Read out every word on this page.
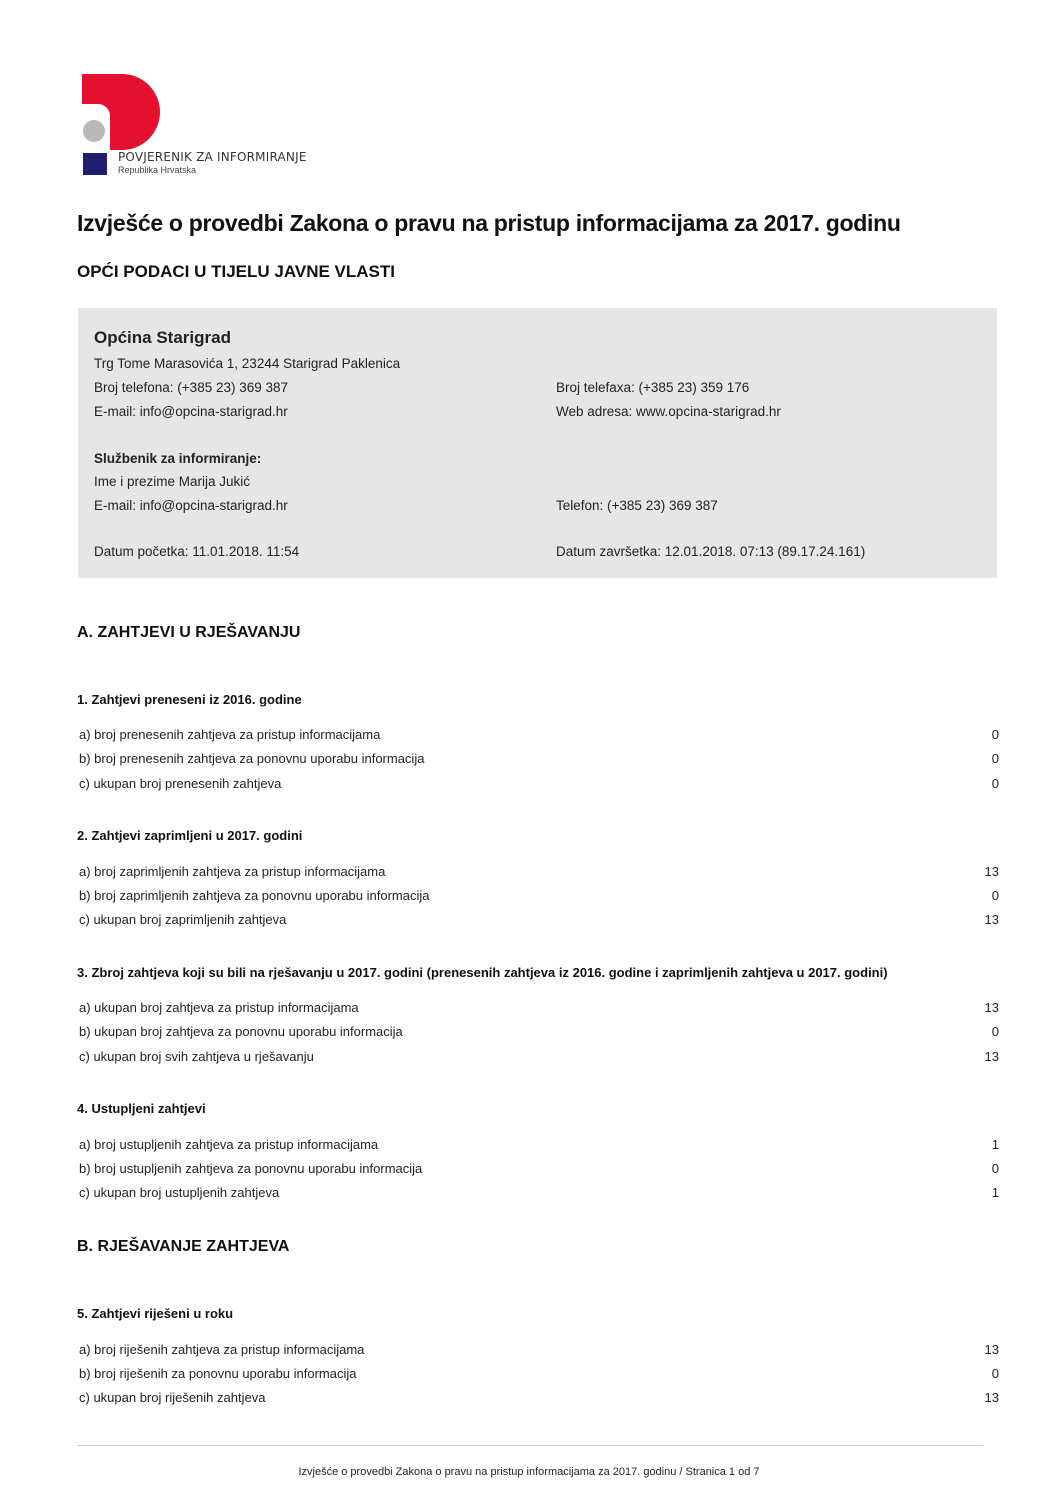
POVJERENIK ZA INFORMIRANJE
Republika Hrvatska
Izvješće o provedbi Zakona o pravu na pristup informacijama za 2017. godinu
OPĆI PODACI U TIJELU JAVNE VLASTI
Općina Starigrad
Trg Tome Marasovića 1, 23244 Starigrad Paklenica
Broj telefona: (+385 23) 369 387	Broj telefaxa: (+385 23) 359 176
E-mail: info@opcina-starigrad.hr	Web adresa: www.opcina-starigrad.hr
Službenik za informiranje:
Ime i prezime Marija Jukić
E-mail: info@opcina-starigrad.hr	Telefon: (+385 23) 369 387
Datum početka: 11.01.2018. 11:54	Datum završetka: 12.01.2018. 07:13 (89.17.24.161)
A. ZAHTJEVI U RJEŠAVANJU
1. Zahtjevi preneseni iz 2016. godine
a) broj prenesenih zahtjeva za pristup informacijama	0
b) broj prenesenih zahtjeva za ponovnu uporabu informacija	0
c) ukupan broj prenesenih zahtjeva	0
2. Zahtjevi zaprimljeni u 2017. godini
a) broj zaprimljenih zahtjeva za pristup informacijama	13
b) broj zaprimljenih zahtjeva za ponovnu uporabu informacija	0
c) ukupan broj zaprimljenih zahtjeva	13
3. Zbroj zahtjeva koji su bili na rješavanju u 2017. godini (prenesenih zahtjeva iz 2016. godine i zaprimljenih zahtjeva u 2017. godini)
a) ukupan broj zahtjeva za pristup informacijama	13
b) ukupan broj zahtjeva za ponovnu uporabu informacija	0
c) ukupan broj svih zahtjeva u rješavanju	13
4. Ustupljeni zahtjevi
a) broj ustupljenih zahtjeva za pristup informacijama	1
b) broj ustupljenih zahtjeva za ponovnu uporabu informacija	0
c) ukupan broj ustupljenih zahtjeva	1
B. RJEŠAVANJE ZAHTJEVA
5. Zahtjevi riješeni u roku
a) broj riješenih zahtjeva za pristup informacijama	13
b) broj riješenih za ponovnu uporabu informacija	0
c) ukupan broj riješenih zahtjeva	13
Izvješće o provedbi Zakona o pravu na pristup informacijama za 2017. godinu / Stranica 1 od 7
